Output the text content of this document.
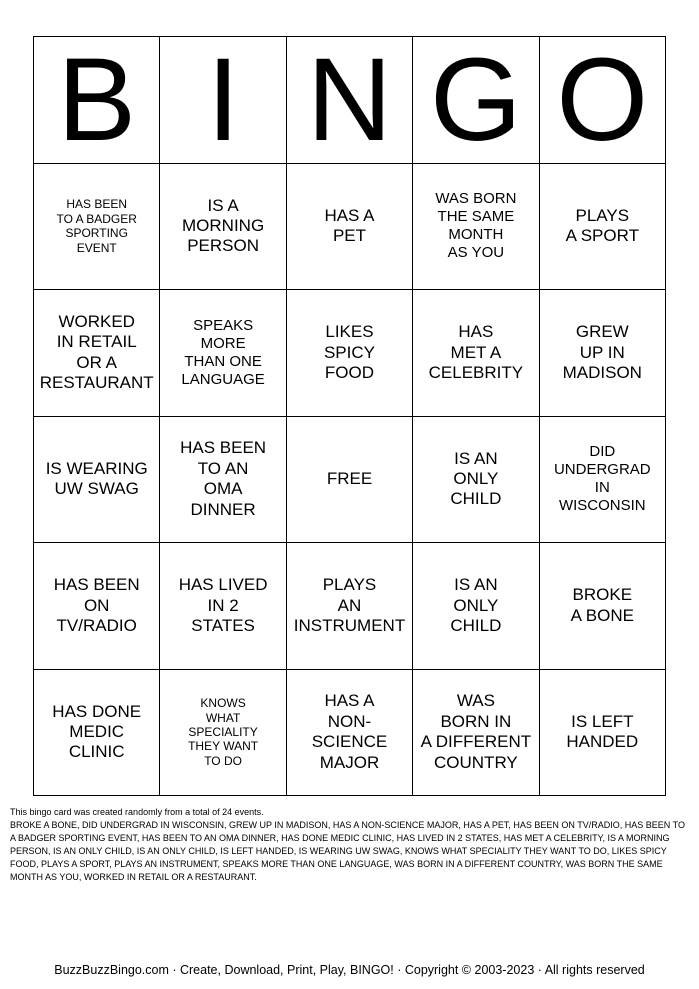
B I N G O
HAS BEEN
TO A BADGER
SPORTING
EVENT
IS A
MORNING
PERSON
HAS A
PET
WAS BORN
THE SAME
MONTH
AS YOU
PLAYS
A SPORT
WORKED
IN RETAIL
OR A
RESTAURANT
SPEAKS
MORE
THAN ONE
LANGUAGE
LIKES
SPICY
FOOD
HAS
MET A
CELEBRITY
GREW
UP IN
MADISON
IS WEARING
UW SWAG
HAS BEEN
TO AN
OMA
DINNER
FREE
IS AN
ONLY
CHILD
DID
UNDERGRAD
IN
WISCONSIN
HAS BEEN
ON
TV/RADIO
HAS LIVED
IN 2
STATES
PLAYS
AN
INSTRUMENT
IS AN
ONLY
CHILD
BROKE
A BONE
HAS DONE
MEDIC
CLINIC
KNOWS
WHAT
SPECIALITY
THEY WANT
TO DO
HAS A
NON-SCIENCE
MAJOR
WAS
BORN IN
A DIFFERENT
COUNTRY
IS LEFT
HANDED

This bingo card was created randomly from a total of 24 events.

BROKE A BONE, DID UNDERGRAD IN WISCONSIN, GREW UP IN MADISON, HAS A NON-SCIENCE MAJOR, HAS A PET, HAS BEEN ON TV/RADIO, HAS BEEN TO A BADGER SPORTING EVENT, HAS BEEN TO AN OMA DINNER, HAS DONE MEDIC CLINIC, HAS LIVED IN 2 STATES, HAS MET A CELEBRITY, IS A MORNING PERSON, IS AN ONLY CHILD, IS AN ONLY CHILD, IS LEFT HANDED, IS WEARING UW SWAG, KNOWS WHAT SPECIALITY THEY WANT TO DO, LIKES SPICY FOOD, PLAYS A SPORT, PLAYS AN INSTRUMENT, SPEAKS MORE THAN ONE LANGUAGE, WAS BORN IN A DIFFERENT COUNTRY, WAS BORN THE SAME MONTH AS YOU, WORKED IN RETAIL OR A RESTAURANT.

BuzzBuzzBingo.com · Create, Download, Print, Play, BINGO! · Copyright © 2003-2023 · All rights reserved
